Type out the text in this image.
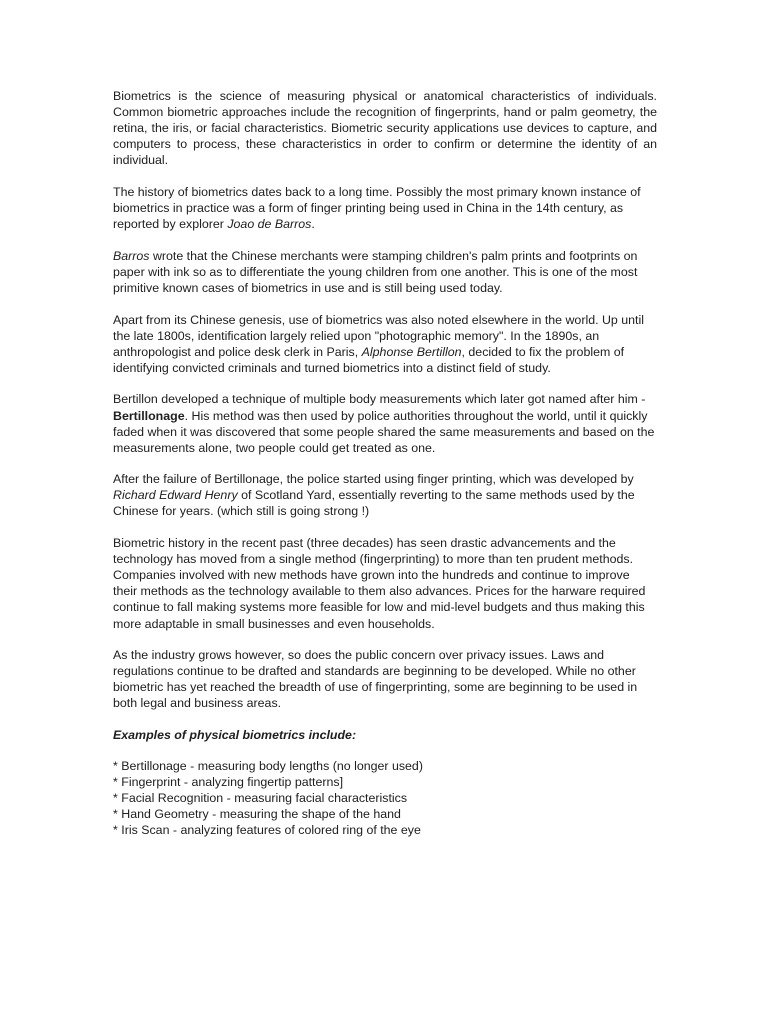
Biometrics is the science of measuring physical or anatomical characteristics of individuals. Common biometric approaches include the recognition of fingerprints, hand or palm geometry, the retina, the iris, or facial characteristics. Biometric security applications use devices to capture, and computers to process, these characteristics in order to confirm or determine the identity of an individual.

The history of biometrics dates back to a long time. Possibly the most primary known instance of biometrics in practice was a form of finger printing being used in China in the 14th century, as reported by explorer Joao de Barros.

Barros wrote that the Chinese merchants were stamping children's palm prints and footprints on paper with ink so as to differentiate the young children from one another. This is one of the most primitive known cases of biometrics in use and is still being used today.

Apart from its Chinese genesis, use of biometrics was also noted elsewhere in the world. Up until the late 1800s, identification largely relied upon "photographic memory". In the 1890s, an anthropologist and police desk clerk in Paris, Alphonse Bertillon, decided to fix the problem of identifying convicted criminals and turned biometrics into a distinct field of study.

Bertillon developed a technique of multiple body measurements which later got named after him - Bertillonage. His method was then used by police authorities throughout the world, until it quickly faded when it was discovered that some people shared the same measurements and based on the measurements alone, two people could get treated as one.

After the failure of Bertillonage, the police started using finger printing, which was developed by Richard Edward Henry of Scotland Yard, essentially reverting to the same methods used by the Chinese for years. (which still is going strong !)

Biometric history in the recent past (three decades) has seen drastic advancements and the technology has moved from a single method (fingerprinting) to more than ten prudent methods. Companies involved with new methods have grown into the hundreds and continue to improve their methods as the technology available to them also advances. Prices for the harware required continue to fall making systems more feasible for low and mid-level budgets and thus making this more adaptable in small businesses and even households.

As the industry grows however, so does the public concern over privacy issues. Laws and regulations continue to be drafted and standards are beginning to be developed. While no other biometric has yet reached the breadth of use of fingerprinting, some are beginning to be used in both legal and business areas.

Examples of physical biometrics include:

* Bertillonage - measuring body lengths (no longer used)
* Fingerprint - analyzing fingertip patterns]
* Facial Recognition - measuring facial characteristics
* Hand Geometry - measuring the shape of the hand
* Iris Scan - analyzing features of colored ring of the eye
